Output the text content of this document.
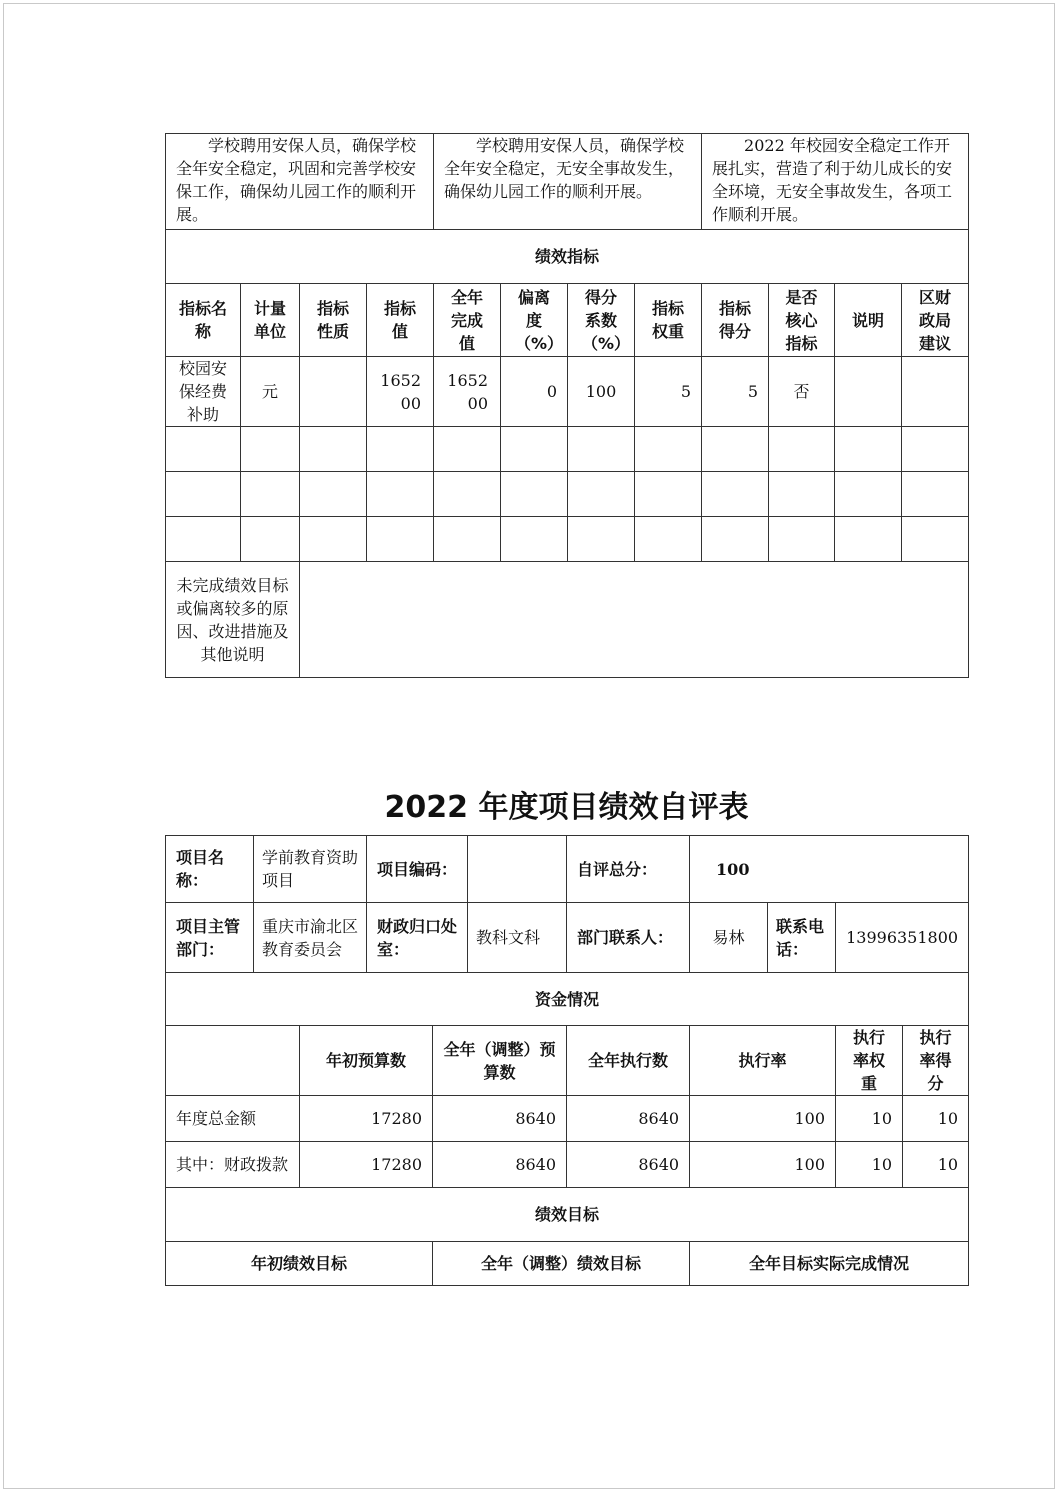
学校聘用安保人员，确保学校全年安全稳定，巩固和完善学校安保工作，确保幼儿园工作的顺利开展。				学校聘用安保人员，确保学校全年安全稳定，无安全事故发生，确保幼儿园工作的顺利开展。				2022 年校园安全稳定工作开展扎实，营造了利于幼儿成长的安全环境，无安全事故发生，各项工作顺利开展。			
绩效指标											
指标名称	计量单位	指标性质	指标值	全年完成值	偏离度（%）	得分系数（%）	指标权重	指标得分	是否核心指标	说明	区财政局建议
校园安保经费补助	元		165200	165200	0	100	5	5	否		

未完成绩效目标或偏离较多的原因、改进措施及其他说明											
2022 年度项目绩效自评表
项目名称：	学前教育资助项目		项目编码：			自评总分：	100			
项目主管部门：	重庆市渝北区教育委员会		财政归口处室：		教科文科	部门联系人：	易林	联系电话：	13996351800	
资金情况										
		年初预算数		全年（调整）预算数		全年执行数	执行率		执行率权重	执行率得分
年度总金额		17280		8640		8640	100		10	10
其中：财政拨款		17280		8640		8640	100		10	10
绩效目标										
年初绩效目标				全年（调整）绩效目标			全年目标实际完成情况			
